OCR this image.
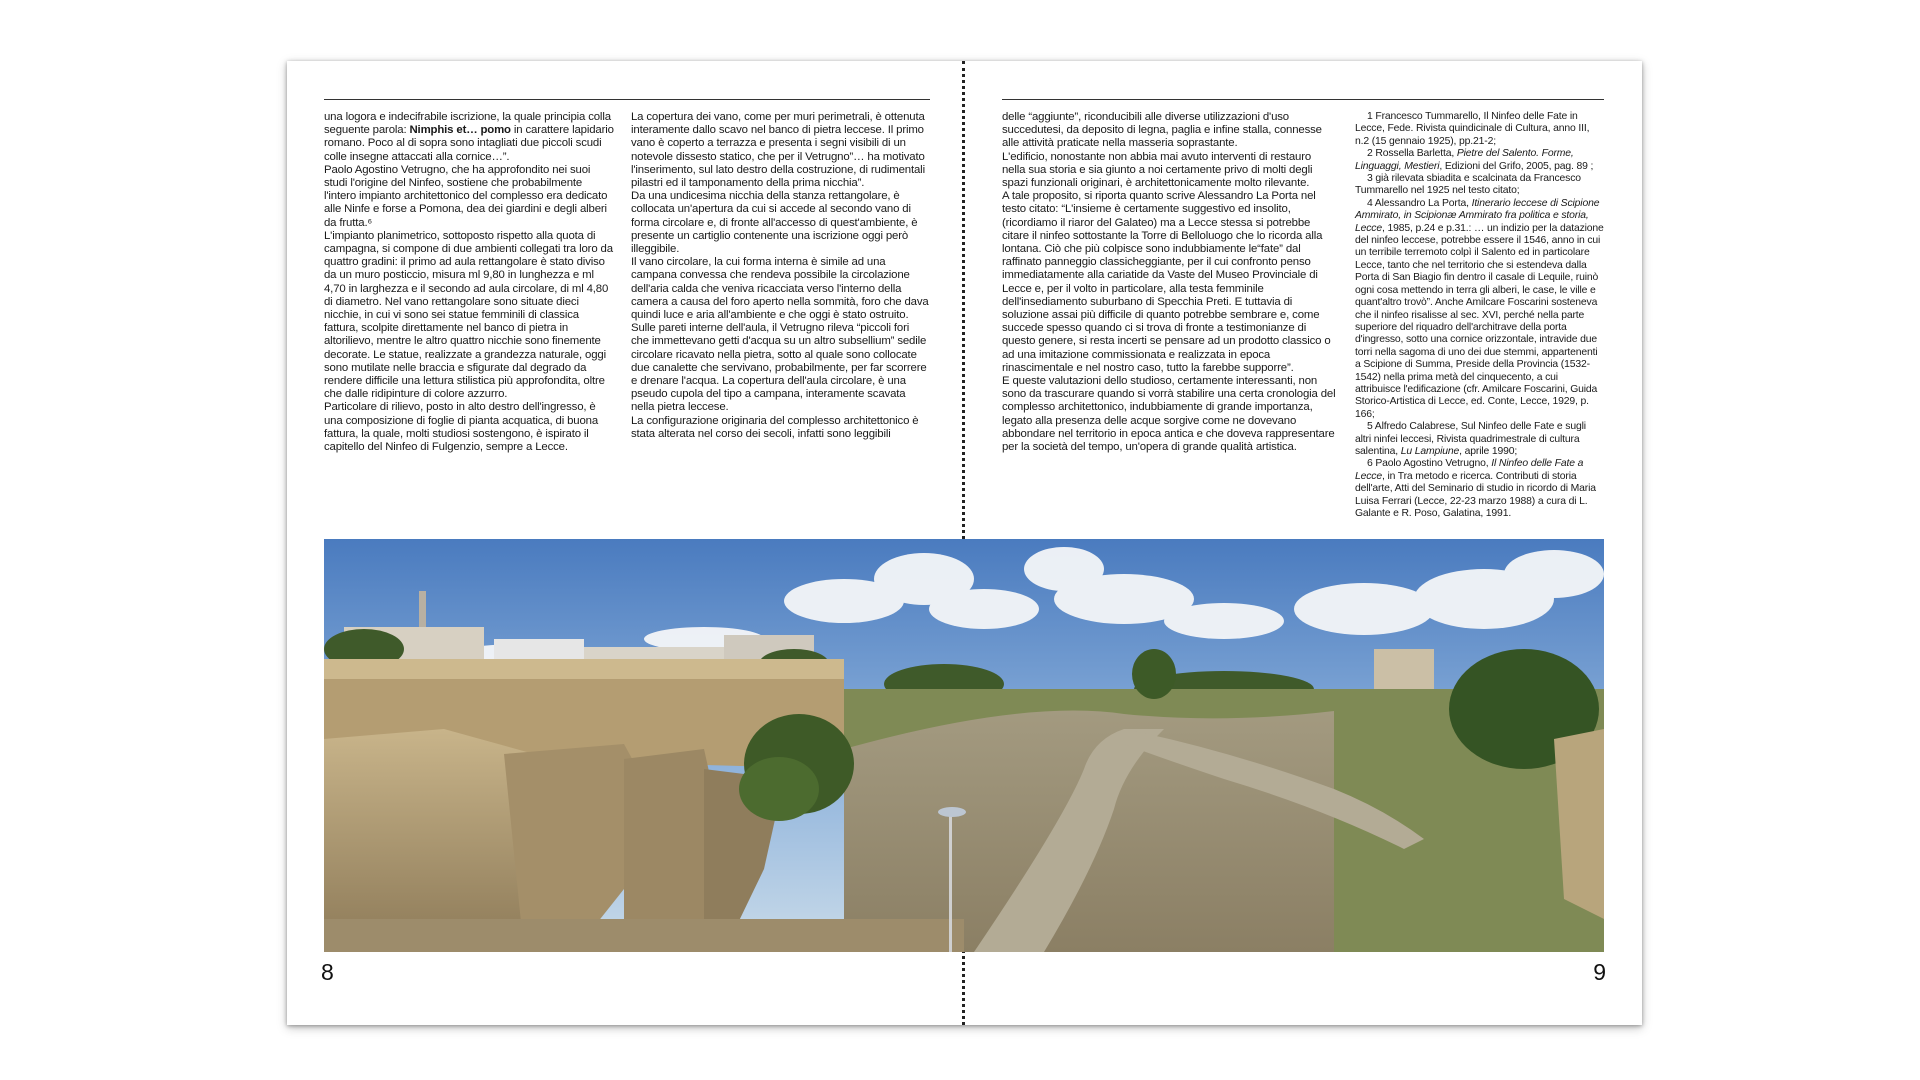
una logora e indecifrabile iscrizione, la quale principia colla seguente parola: Nimphis et… pomo in carattere lapidario romano. Poco al di sopra sono intagliati due piccoli scudi colle insegne attaccati alla cornice…”.

Paolo Agostino Vetrugno, che ha approfondito nei suoi studi l'origine del Ninfeo, sostiene che probabilmente l'intero impianto architettonico del complesso era dedicato alle Ninfe e forse a Pomona, dea dei giardini e degli alberi da frutta.⁶

L'impianto planimetrico, sottoposto rispetto alla quota di campagna, si compone di due ambienti collegati tra loro da quattro gradini: il primo ad aula rettangolare è stato diviso da un muro posticcio, misura ml 9,80 in lunghezza e ml 4,70 in larghezza e il secondo ad aula circolare, di ml 4,80 di diametro. Nel vano rettangolare sono situate dieci nicchie, in cui vi sono sei statue femminili di classica fattura, scolpite direttamente nel banco di pietra in altorilievo, mentre le altro quattro nicchie sono finemente decorate. Le statue, realizzate a grandezza naturale, oggi sono mutilate nelle braccia e sfigurate dal degrado da rendere difficile una lettura stilistica più approfondita, oltre che dalle ridipinture di colore azzurro.

Particolare di rilievo, posto in alto destro dell'ingresso, è una composizione di foglie di pianta acquatica, di buona fattura, la quale, molti studiosi sostengono, è ispirato il capitello del Ninfeo di Fulgenzio, sempre a Lecce.

La copertura dei vano, come per muri perimetrali, è ottenuta interamente dallo scavo nel banco di pietra leccese. Il primo vano è coperto a terrazza e presenta i segni visibili di un notevole dissesto statico, che per il Vetrugno”… ha motivato l'inserimento, sul lato destro della costruzione, di rudimentali pilastri ed il tamponamento della prima nicchia”.

Da una undicesima nicchia della stanza rettangolare, è collocata un'apertura da cui si accede al secondo vano di forma circolare e, di fronte all'accesso di quest'ambiente, è presente un cartiglio contenente una iscrizione oggi però illeggibile.

Il vano circolare, la cui forma interna è simile ad una campana convessa che rendeva possibile la circolazione dell'aria calda che veniva ricacciata verso l'interno della camera a causa del foro aperto nella sommità, foro che dava quindi luce e aria all'ambiente e che oggi è stato ostruito. Sulle pareti interne dell'aula, il Vetrugno rileva “piccoli fori che immettevano getti d'acqua su un altro subsellium” sedile circolare ricavato nella pietra, sotto al quale sono collocate due canalette che servivano, probabilmente, per far scorrere e drenare l'acqua. La copertura dell'aula circolare, è una pseudo cupola del tipo a campana, interamente scavata nella pietra leccese.

La configurazione originaria del complesso architettonico è stata alterata nel corso dei secoli, infatti sono leggibili

delle “aggiunte”, riconducibili alle diverse utilizzazioni d'uso succedutesi, da deposito di legna, paglia e infine stalla, connesse alle attività praticate nella masseria soprastante.

L'edificio, nonostante non abbia mai avuto interventi di restauro nella sua storia e sia giunto a noi certamente privo di molti degli spazi funzionali originari, è architettonicamente molto rilevante.

A tale proposito, si riporta quanto scrive Alessandro La Porta nel testo citato: “L'insieme è certamente suggestivo ed insolito, (ricordiamo il riaror del Galateo) ma a Lecce stessa si potrebbe citare il ninfeo sottostante la Torre di Belloluogo che lo ricorda alla lontana. Ciò che più colpisce sono indubbiamente le“fate” dal raffinato panneggio classicheggiante, per il cui confronto penso immediatamente alla cariatide da Vaste del Museo Provinciale di Lecce e, per il volto in particolare, alla testa femminile dell'insediamento suburbano di Specchia Preti. E tuttavia di soluzione assai più difficile di quanto potrebbe sembrare e, come succede spesso quando ci si trova di fronte a testimonianze di questo genere, si resta incerti se pensare ad un prodotto classico o ad una imitazione commissionata e realizzata in epoca rinascimentale e nel nostro caso, tutto la farebbe supporre”.

E queste valutazioni dello studioso, certamente interessanti, non sono da trascurare quando si vorrà stabilire una certa cronologia del complesso architettonico, indubbiamente di grande importanza, legato alla presenza delle acque sorgive come ne dovevano abbondare nel territorio in epoca antica e che doveva rappresentare per la società del tempo, un'opera di grande qualità artistica.

1 Francesco Tummarello, Il Ninfeo delle Fate in Lecce, Fede. Rivista quindicinale di Cultura, anno III, n.2 (15 gennaio 1925), pp.21-2;

2 Rossella Barletta, Pietre del Salento. Forme, Linguaggi, Mestieri, Edizioni del Grifo, 2005, pag. 89 ;

3 già rilevata sbiadita e scalcinata da Francesco Tummarello nel 1925 nel testo citato;

4 Alessandro La Porta, Itinerario leccese di Scipione Ammirato, in Scipionæ Ammirato fra politica e storia, Lecce, 1985, p.24 e p.31.: … un indizio per la datazione del ninfeo leccese, potrebbe essere il 1546, anno in cui un terribile terremoto colpì il Salento ed in particolare Lecce, tanto che nel territorio che si estendeva dalla Porta di San Biagio fin dentro il casale di Lequile, ruinò ogni cosa mettendo in terra gli alberi, le case, le ville e quant'altro trovò”. Anche Amilcare Foscarini sosteneva che il ninfeo risalisse al sec. XVI, perché nella parte superiore del riquadro dell'architrave della porta d'ingresso, sotto una cornice orizzontale, intravide due torri nella sagoma di uno dei due stemmi, appartenenti a Scipione di Summa, Preside della Provincia (1532-1542) nella prima metà del cinquecento, a cui attribuisce l'edificazione (cfr. Amilcare Foscarini, Guida Storico-Artistica di Lecce, ed. Conte, Lecce, 1929, p. 166;

5 Alfredo Calabrese, Sul Ninfeo delle Fate e sugli altri ninfei leccesi, Rivista quadrimestrale di cultura salentina, Lu Lampiune, aprile 1990;

6 Paolo Agostino Vetrugno, Il Ninfeo delle Fate a Lecce, in Tra metodo e ricerca. Contributi di storia dell'arte, Atti del Seminario di studio in ricordo di Maria Luisa Ferrari (Lecce, 22-23 marzo 1988) a cura di L. Galante e R. Poso, Galatina, 1991.

8	9
